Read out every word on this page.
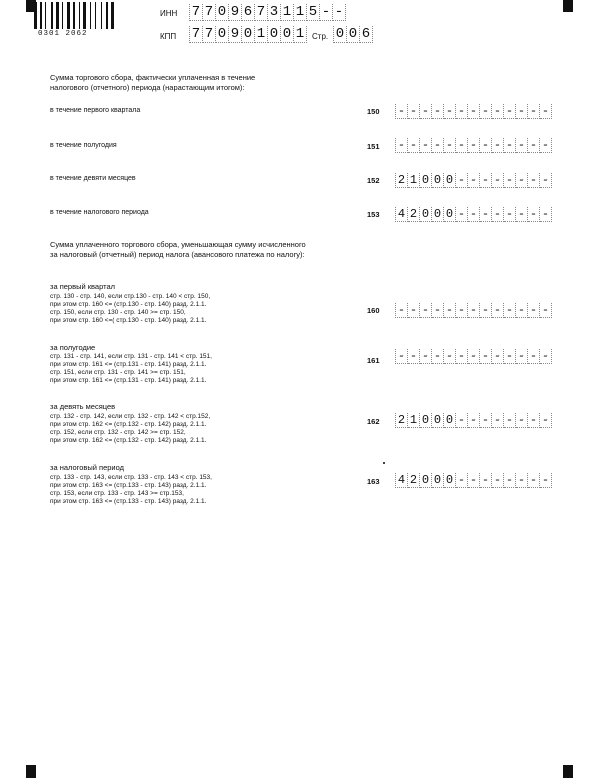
0301 2062
ИНН 7 7 0 9 6 7 3 1 1 5 - -
КПП 7 7 0 9 0 1 0 0 1 Стр. 0 0 6
Сумма торгового сбора, фактически уплаченная в течение
налогового (отчетного) периода (нарастающим итогом):
в течение первого квартала	150 - - - - - - - - - - - - -
в течение полугодия	151 - - - - - - - - - - - - -
в течение девяти месяцев	152 2 1 0 0 0 - - - - - - - -
в течение налогового периода	153 4 2 0 0 0 - - - - - - - -
Сумма уплаченного торгового сбора, уменьшающая сумму исчисленного
за налоговый (отчетный) период налога (авансового платежа по налогу):
за первый квартал
стр. 130 - стр. 140, если стр.130 - стр. 140 < стр. 150,
при этом стр. 160 <= (стр.130 - стр. 140) разд. 2.1.1.
стр. 150, если стр. 130 - стр. 140 >= стр. 150,
при этом стр. 160 <=( стр.130 - стр. 140) разд. 2.1.1.
160 - - - - - - - - - - - - -
за полугодие
стр. 131 - стр. 141, если стр. 131 - стр. 141 < стр. 151,
при этом стр. 161 <= (стр.131 - стр. 141) разд. 2.1.1.
стр. 151, если стр. 131 - стр. 141 >= стр. 151,
при этом стр. 161 <= (стр.131 - стр. 141) разд. 2.1.1.
161 - - - - - - - - - - - - -
за девять месяцев
стр. 132 - стр. 142, если стр. 132 - стр. 142 < стр.152,
при этом стр. 162 <= (стр.132 - стр. 142) разд. 2.1.1.
стр. 152, если стр. 132 - стр. 142 >= стр. 152,
при этом стр. 162 <= (стр.132 - стр. 142) разд. 2.1.1.
162 2 1 0 0 0 - - - - - - - -
за налоговый период
стр. 133 - стр. 143, если стр. 133 - стр. 143 < стр. 153,
при этом стр. 163 <= (стр.133 - стр. 143) разд. 2.1.1.
стр. 153, если стр. 133 - стр. 143 >= стр.153,
при этом стр. 163 <= (стр.133 - стр. 143) разд. 2.1.1.
163 4 2 0 0 0 - - - - - - - -
